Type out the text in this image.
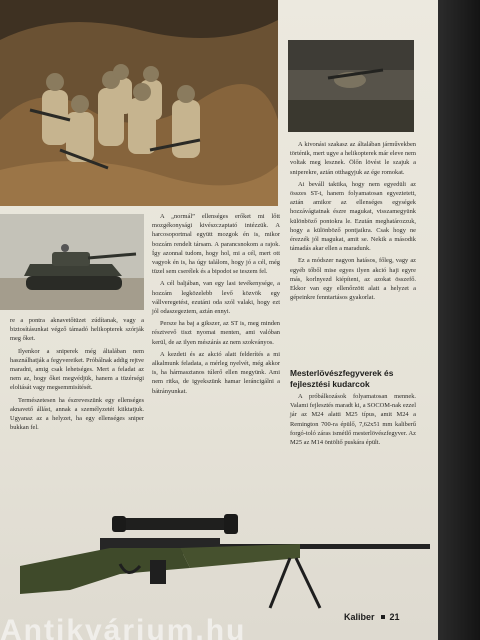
A „normál” ellenséges erőket mi lőtt mozgékonysági kivészczaptató intézzük. A harcosoportmal együtt mozgok én is, mikor bozzám rendelt társam. A parancsnokom a rajok. Így azonnal tudom, hogy hol, mi a cél, mert ott vagyok én is, ha úgy találom, hogy jó a cél, még tüzel sem cserélek és a bipodot se teszem fel.

A cél baljában, van egy lasi tevékenysége, a hozzám legközelebb levő közvök egy vállveregetést, ezutáni oda szól valaki, hogy ezt jól odaszegeztem, aztán ennyi.

Persze ha baj a gikszer, az ST is, meg minden résztvevő tiszt nyomai menten, ami valóban kerül, de az ilyen mészárás az nem szokványos.

A kezdeti és az akció alatt felderítés a mi alkalmunk feladata, a mérleg nyelvét, még akkor is, ha hármasztanos túlerő ellen megyünk. Ami nem ritka, de igyekszünk hamar leráncigálni a bátrányunkat.

re a pontra aknavetőtüzet zúdítanak, vagy a biztosításunkat végző támadó helikopterek szórják meg őket.

Ilyenkor a sniperek még általában nem használhatják a fegyvereiket. Próbálnak addig rejtve maradni, amig csak lehetséges. Mert a feladat az nem az, hogy őket megvédjük, hanem a tüzérségi eloltását vagy megsemmisítését.

Természetesen ha észreveszünk egy ellenséges aknavető állást, annak a személyzetét kiiktatjuk. Ugyanaz az a helyzet, ha egy ellenséges sniper bukkan fel.

A kivonási szakasz az általában járművekben történik, mert ugye a helikopterek már eleve nem voltak meg lesznek. Ölőn lövést le szajuk a sniperekre, aztán otthagyjuk az ége romokat.

Ai beváll taktika, hogy nem egyedüli az összes ST-t, hanem folyamatosan egyeztetett, aztán amikor az ellenséges egységek hozzávágtatnak észre magukat, visszamegyünk különböző pontokra le. Ezután meghatározzuk, hogy a különböző pontjaikra. Csak hogy ne érezzék jól magukat, amit se. Nekik a második támadás akar ellen a maradunk.

Ez a módszer nagyon hatásos, főleg, vagy az egyéb tőből mise egyes ilyen akció haji egyre más, korlnyezd kiépíteni, az azokat összefő. Ekkor van egy ellenőrzött alatt a helyzet a gépeinkre fenntartásos gyakorlat.

Mesterlövészfegyverek és fejlesztési kudarcok

A próbálkozások folyamatosan mennek. Valami fejlesztés maradt ki, a SOCOM-nak ezzel jár az M24 alatti M25 típus, amit M24 a Remington 700-ra épülő, 7,62x51 mm kaliberű forgó-toló záras ismétlő mesterlövészfegyver. Az M25 az M14 öntöltő puskára épült.

Kaliber 21
Antikvárium.hu
